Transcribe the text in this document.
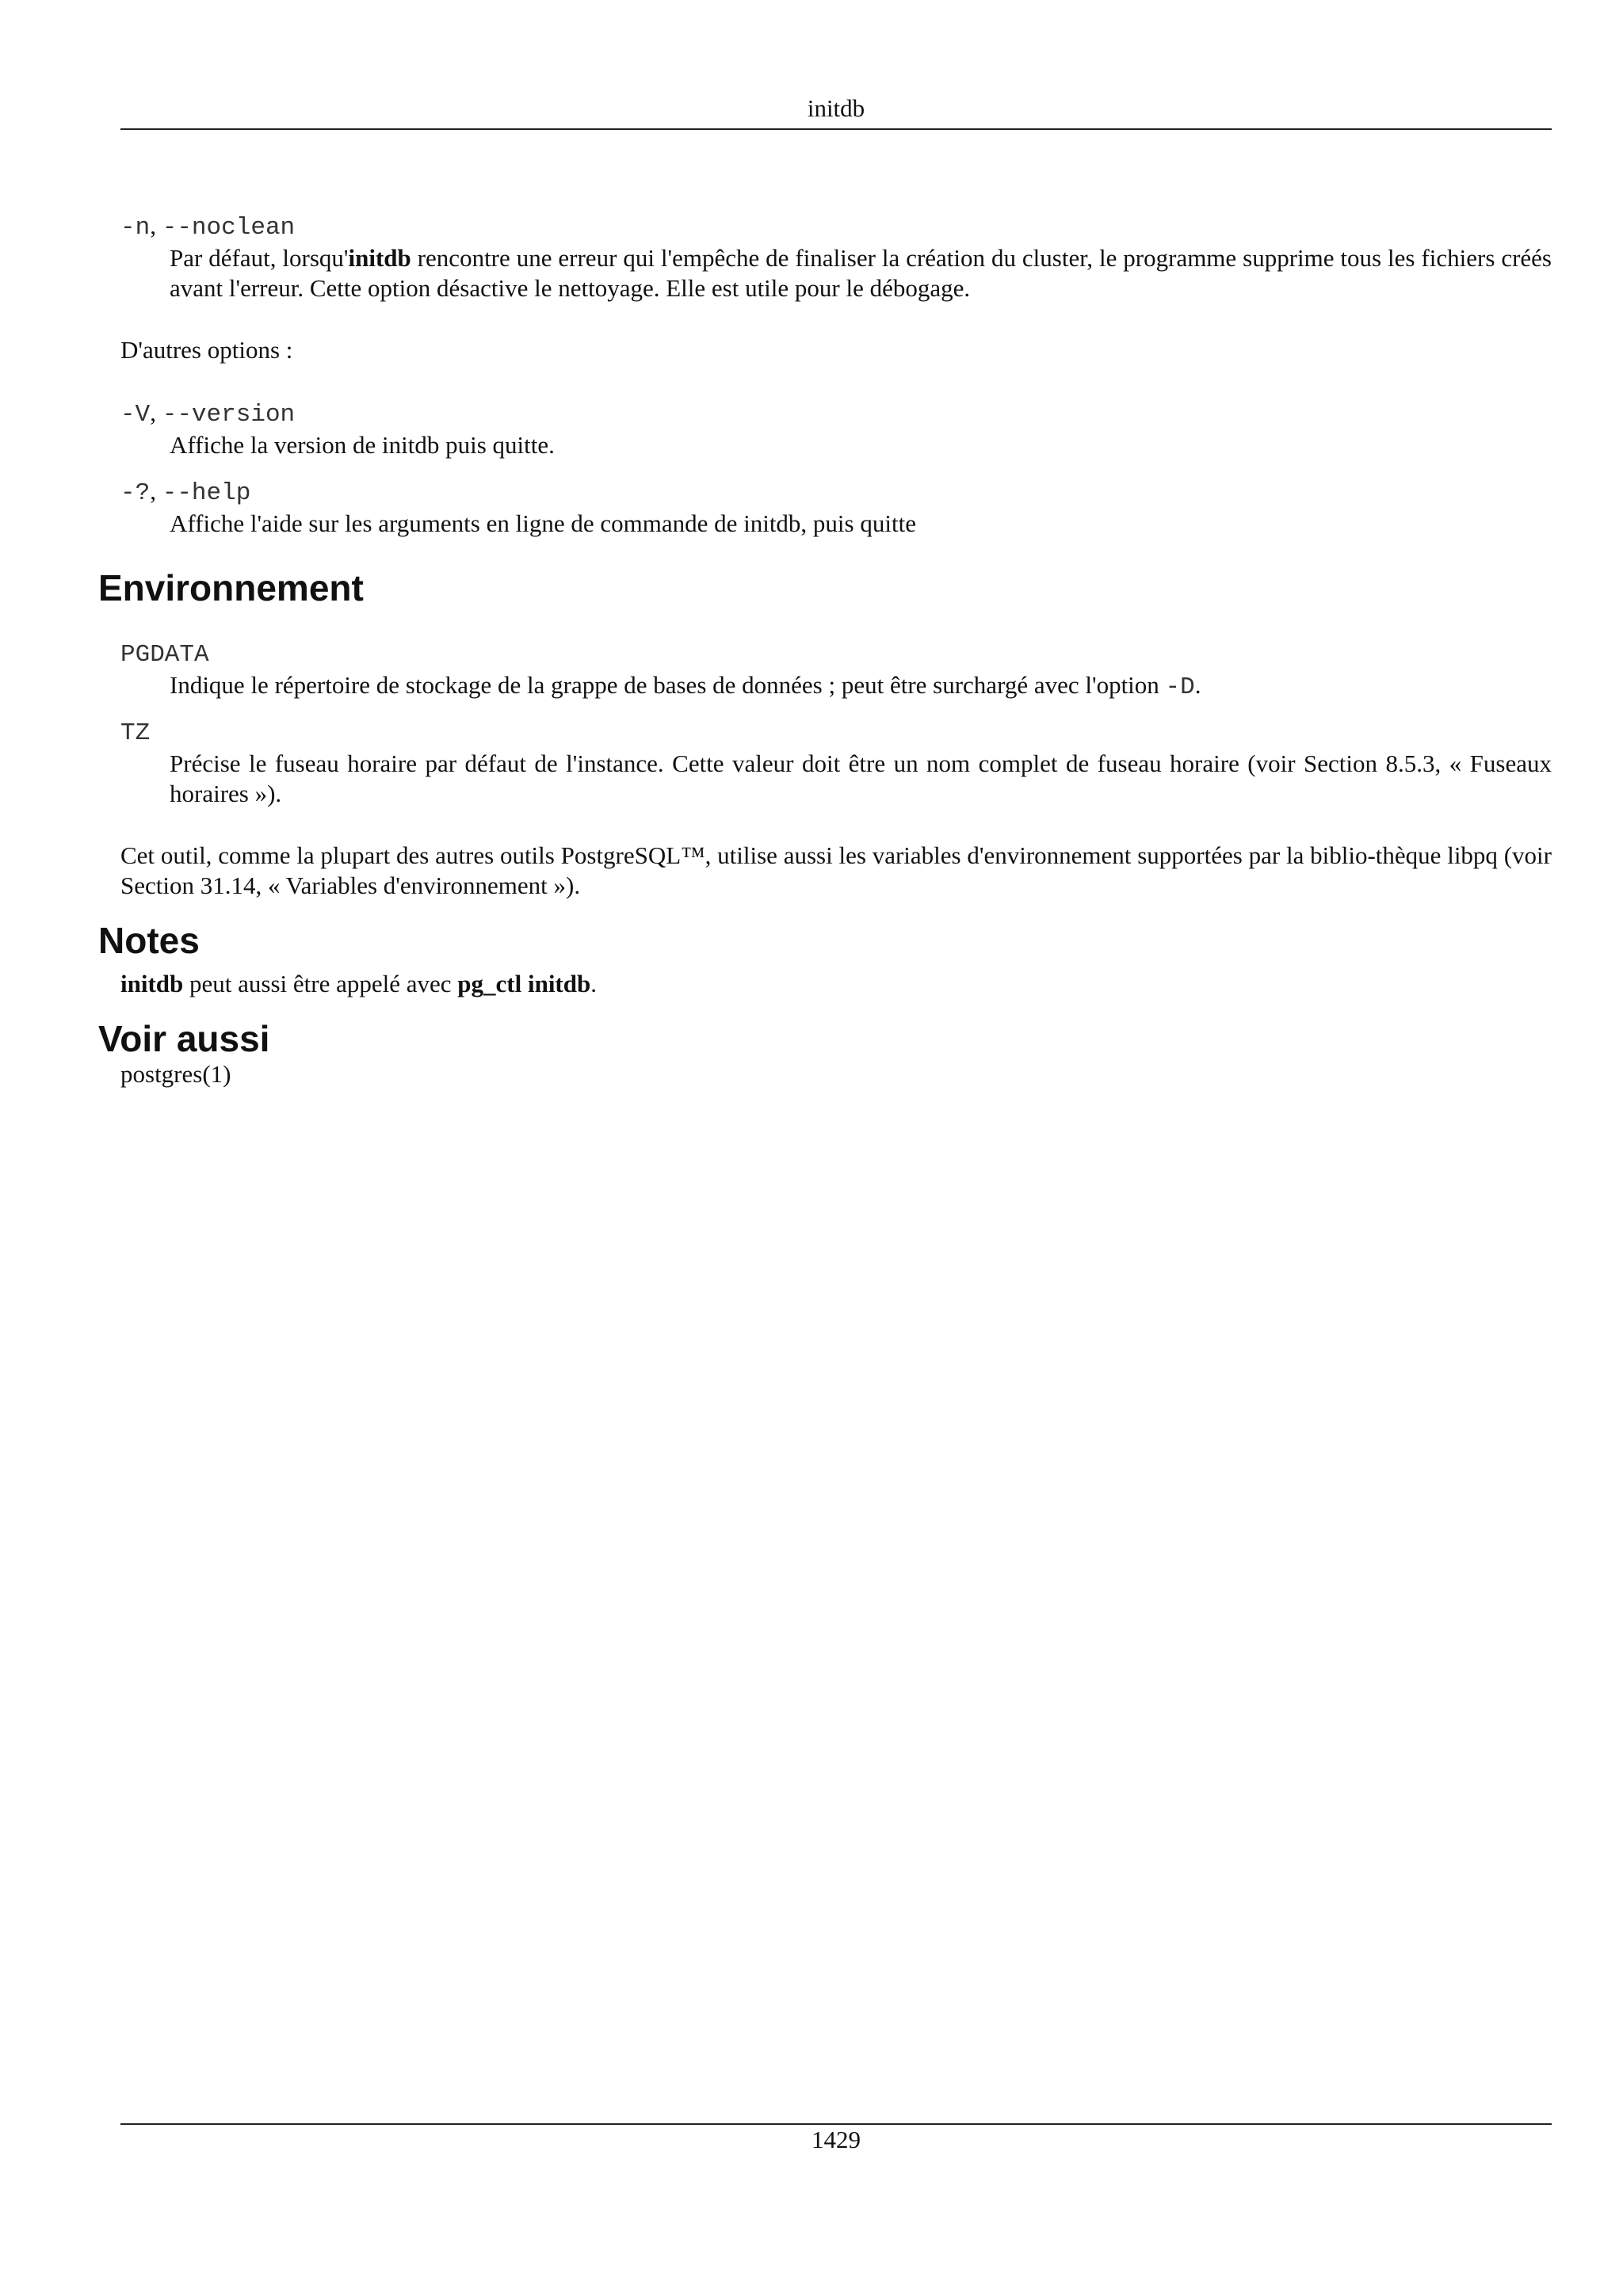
initdb
-n, --noclean
Par défaut, lorsqu'initdb rencontre une erreur qui l'empêche de finaliser la création du cluster, le programme supprime tous les fichiers créés avant l'erreur. Cette option désactive le nettoyage. Elle est utile pour le débogage.

D'autres options :

-V, --version
Affiche la version de initdb puis quitte.
-?, --help
Affiche l'aide sur les arguments en ligne de commande de initdb, puis quitte
Environnement
PGDATA
Indique le répertoire de stockage de la grappe de bases de données ; peut être surchargé avec l'option -D.
TZ
Précise le fuseau horaire par défaut de l'instance. Cette valeur doit être un nom complet de fuseau horaire (voir Section 8.5.3, « Fuseaux horaires »).

Cet outil, comme la plupart des autres outils PostgreSQL™, utilise aussi les variables d'environnement supportées par la biblio-thèque libpq (voir Section 31.14, « Variables d'environnement »).

Notes

initdb peut aussi être appelé avec pg_ctl initdb.

Voir aussi

postgres(1)

1429
